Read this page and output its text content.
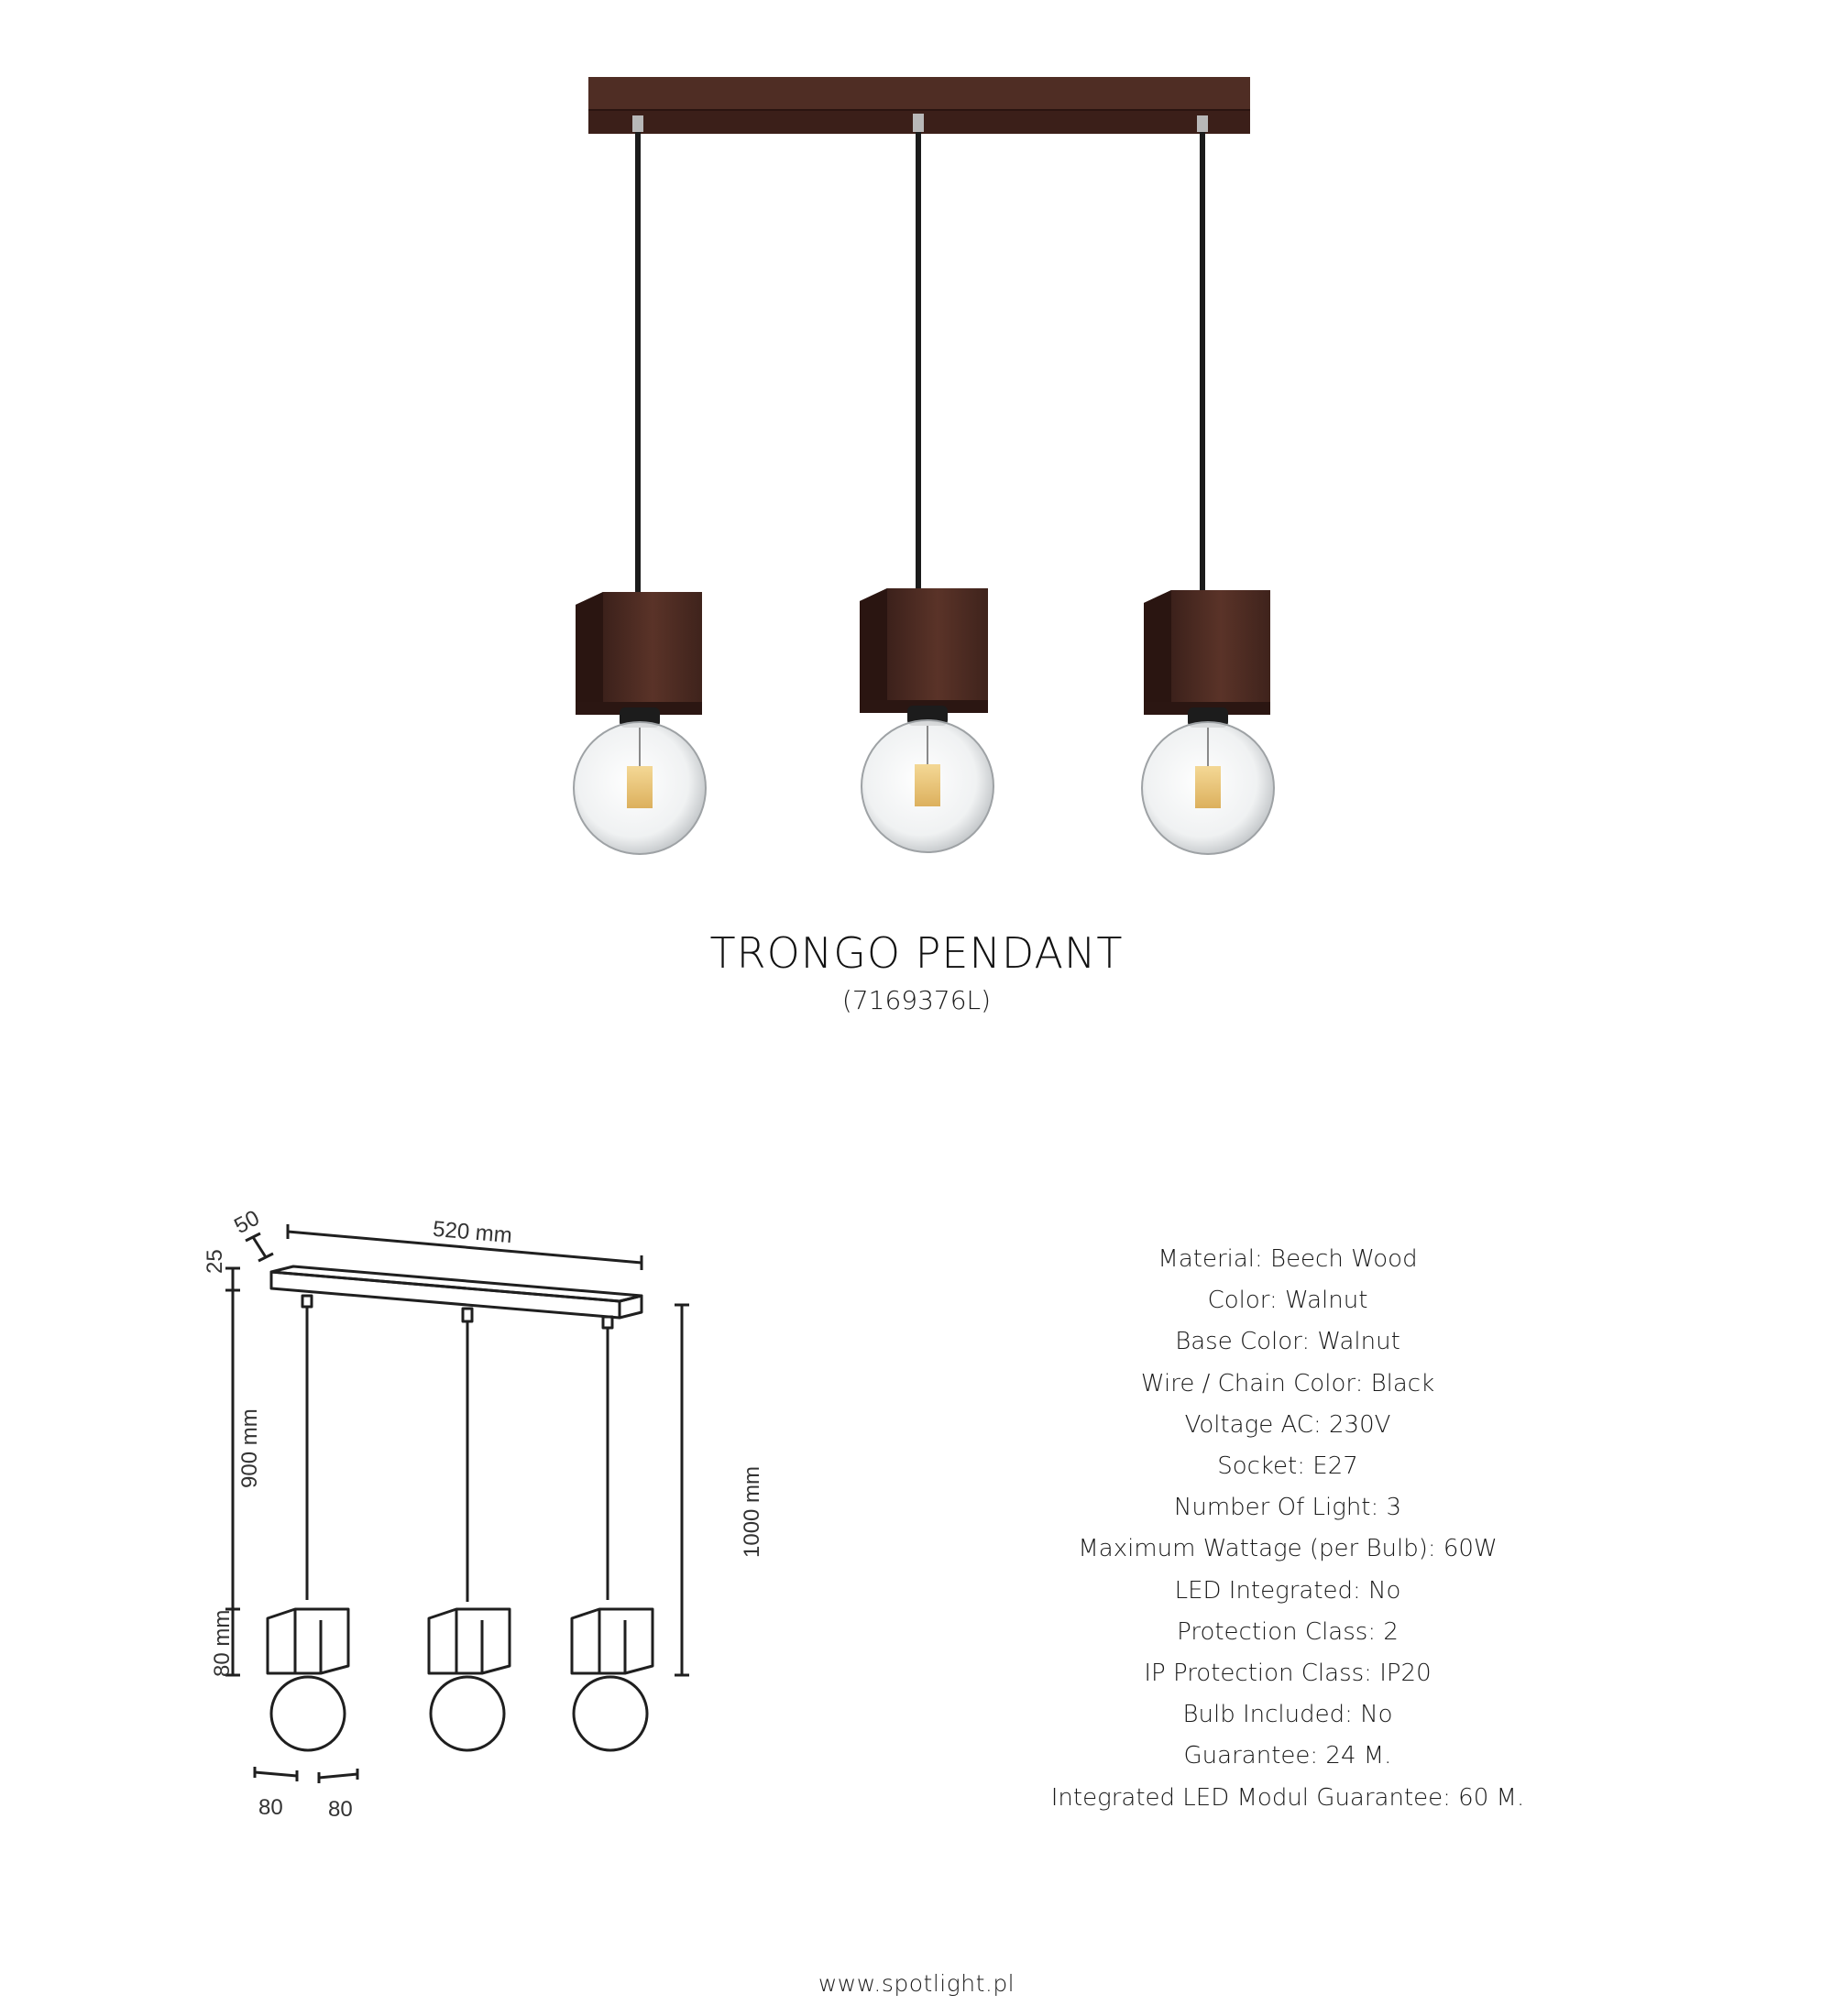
TRONGO PENDANT
(7169376L)
50	520 mm
25
900 mm
80 mm
1000 mm
80 80
Material: Beech Wood
Color: Walnut
Base Color: Walnut
Wire / Chain Color: Black
Voltage AC: 230V
Socket: E27
Number Of Light: 3
Maximum Wattage (per Bulb): 60W
LED Integrated: No
Protection Class: 2
IP Protection Class: IP20
Bulb Included: No
Guarantee: 24 M.
Integrated LED Modul Guarantee: 60 M.
www.spotlight.pl
